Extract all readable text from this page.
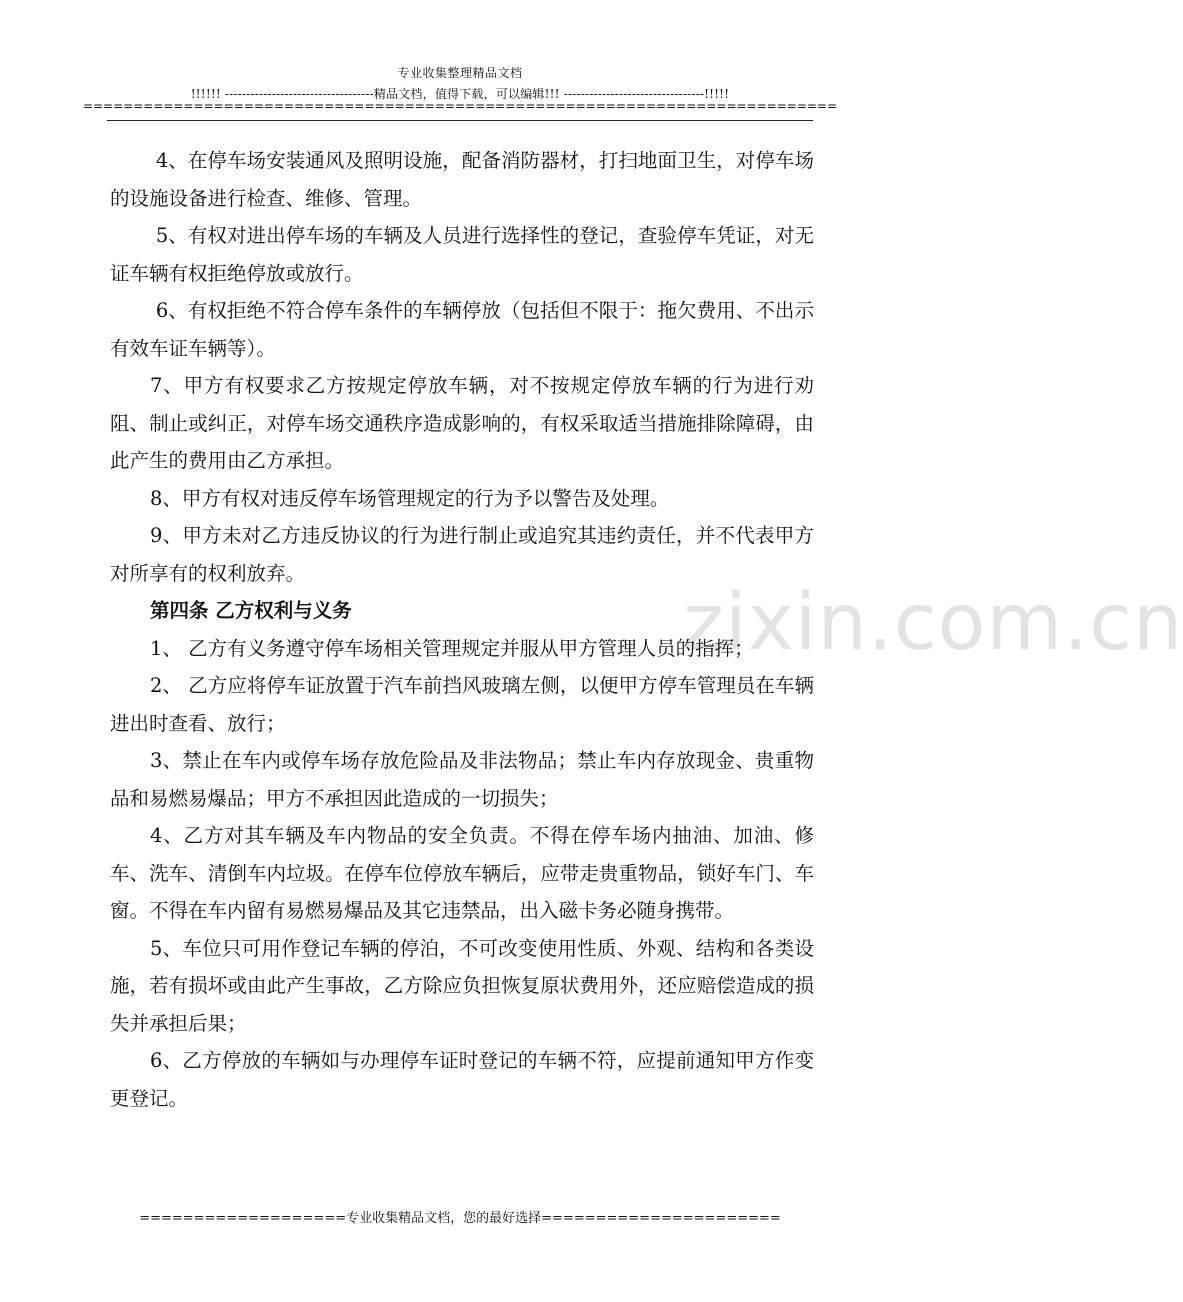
专业收集整理精品文档
!!!!!! -----------------------------------精品文档，值得下载，可以编辑!!! ---------------------------------!!!!!
===========================================================================
zixin.com.cn

4、在停车场安装通风及照明设施，配备消防器材，打扫地面卫生，对停车场的设施设备进行检查、维修、管理。

5、有权对进出停车场的车辆及人员进行选择性的登记，查验停车凭证，对无证车辆有权拒绝停放或放行。

6、有权拒绝不符合停车条件的车辆停放（包括但不限于：拖欠费用、不出示有效车证车辆等）。

7、甲方有权要求乙方按规定停放车辆，对不按规定停放车辆的行为进行劝阻、制止或纠正，对停车场交通秩序造成影响的，有权采取适当措施排除障碍，由此产生的费用由乙方承担。

8、甲方有权对违反停车场管理规定的行为予以警告及处理。

9、甲方未对乙方违反协议的行为进行制止或追究其违约责任，并不代表甲方对所享有的权利放弃。

第四条 乙方权利与义务

1、 乙方有义务遵守停车场相关管理规定并服从甲方管理人员的指挥；

2、 乙方应将停车证放置于汽车前挡风玻璃左侧，以便甲方停车管理员在车辆进出时查看、放行；

3、禁止在车内或停车场存放危险品及非法物品；禁止车内存放现金、贵重物品和易燃易爆品；甲方不承担因此造成的一切损失；

4、乙方对其车辆及车内物品的安全负责。不得在停车场内抽油、加油、修车、洗车、清倒车内垃圾。在停车位停放车辆后，应带走贵重物品，锁好车门、车窗。不得在车内留有易燃易爆品及其它违禁品，出入磁卡务必随身携带。

5、车位只可用作登记车辆的停泊，不可改变使用性质、外观、结构和各类设施，若有损坏或由此产生事故，乙方除应负担恢复原状费用外，还应赔偿造成的损失并承担后果；

6、乙方停放的车辆如与办理停车证时登记的车辆不符，应提前通知甲方作变更登记。

===================专业收集精品文档，您的最好选择======================
